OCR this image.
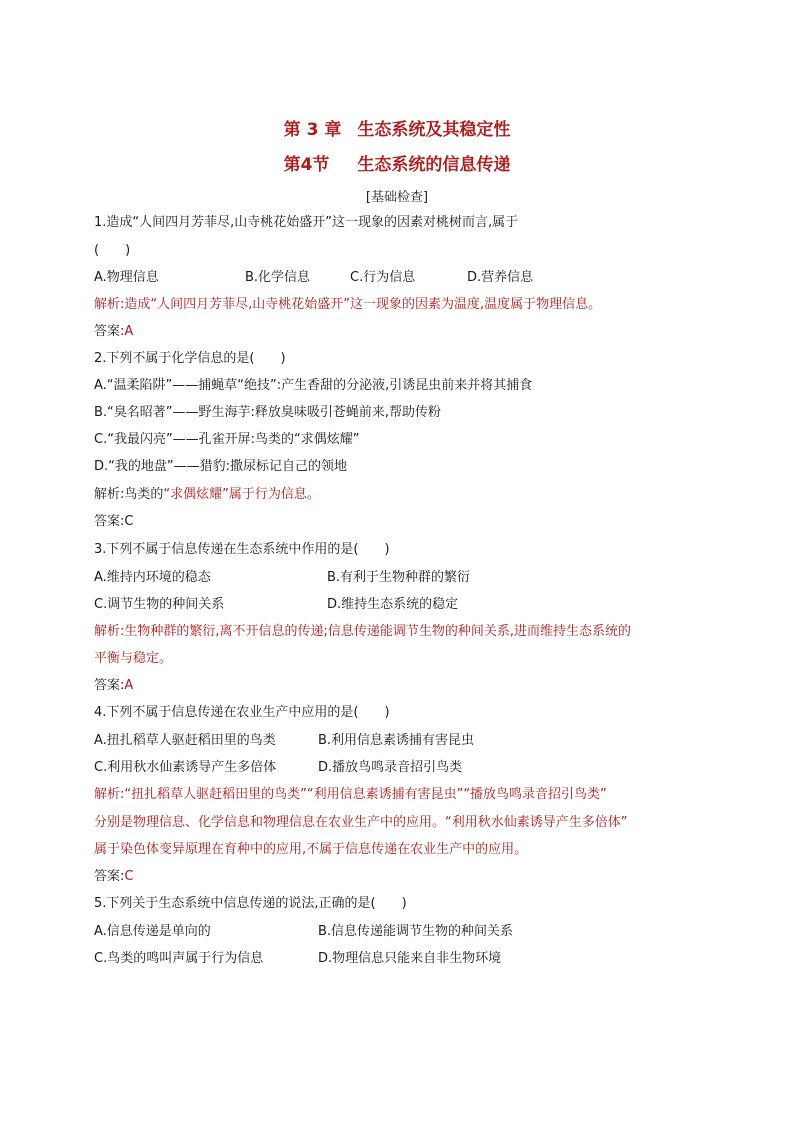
第 3 章 生态系统及其稳定性
第4节 生态系统的信息传递
[基础检查]
1.造成“人间四月芳菲尽,山寺桃花始盛开”这一现象的因素对桃树而言,属于
(　　)
A.物理信息	B.化学信息	C.行为信息	D.营养信息
解析:造成“人间四月芳菲尽,山寺桃花始盛开”这一现象的因素为温度,温度属于物理信息。
答案:A
2.下列不属于化学信息的是(　　)
A.“温柔陷阱”——捕蝇草“绝技”:产生香甜的分泌液,引诱昆虫前来并将其捕食
B.“臭名昭著”——野生海芋:释放臭味吸引苍蝇前来,帮助传粉
C.“我最闪亮”——孔雀开屏:鸟类的“求偶炫耀”
D.“我的地盘”——猎豹:撒尿标记自己的领地
解析:鸟类的“求偶炫耀”属于行为信息。
答案:C
3.下列不属于信息传递在生态系统中作用的是(　　)
A.维持内环境的稳态	B.有利于生物种群的繁衍
C.调节生物的种间关系	D.维持生态系统的稳定
解析:生物种群的繁衍,离不开信息的传递;信息传递能调节生物的种间关系,进而维持生态系统的
平衡与稳定。
答案:A
4.下列不属于信息传递在农业生产中应用的是(　　)
A.扭扎稻草人驱赶稻田里的鸟类	B.利用信息素诱捕有害昆虫
C.利用秋水仙素诱导产生多倍体	D.播放鸟鸣录音招引鸟类
解析:“扭扎稻草人驱赶稻田里的鸟类”“利用信息素诱捕有害昆虫”“播放鸟鸣录音招引鸟类”
分别是物理信息、化学信息和物理信息在农业生产中的应用。“利用秋水仙素诱导产生多倍体”
属于染色体变异原理在育种中的应用,不属于信息传递在农业生产中的应用。
答案:C
5.下列关于生态系统中信息传递的说法,正确的是(　　)
A.信息传递是单向的	B.信息传递能调节生物的种间关系
C.鸟类的鸣叫声属于行为信息	D.物理信息只能来自非生物环境
